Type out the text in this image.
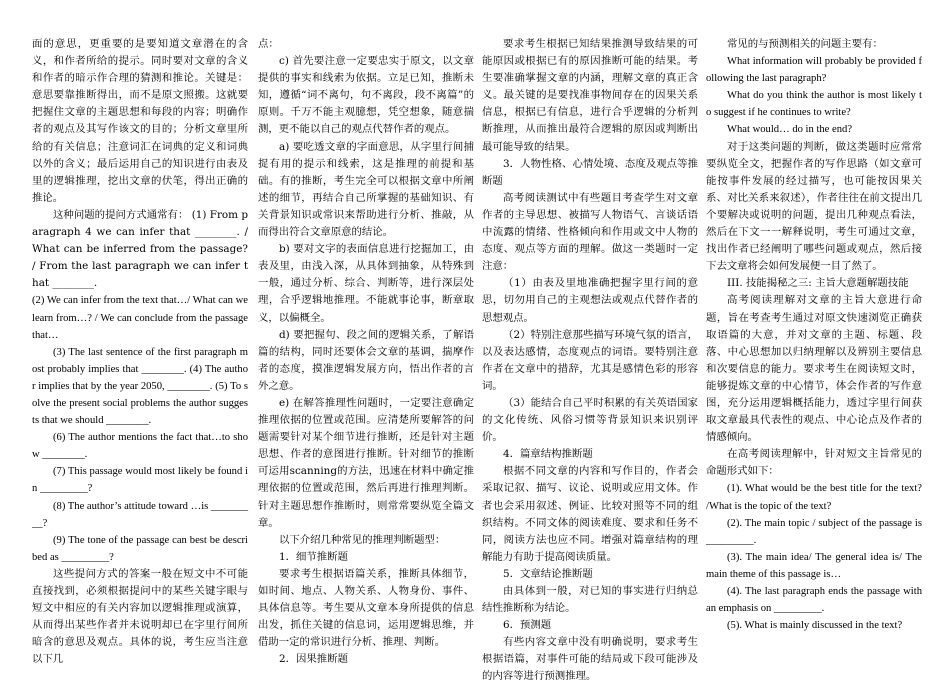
面的意思，更重要的是要知道文章潜在的含义，和作者所给的提示。同时要对文章的含义和作者的暗示作合理的猜测和推论。关键是：意思要靠推断得出，而不是原文照搬。这就要把握住文章的主题思想和每段的内容；明确作者的观点及其写作该文的目的；分析文章里所给的有关信息；注意词汇在词典的定义和词典以外的含义；最后运用自己的知识进行由表及里的逻辑推理，挖出文章的伏笔，得出正确的推论。

这种问题的提问方式通常有： (1) From paragraph 4 we can infer that ________. / What can be inferred from the passage? / From the last paragraph we can infer that ________.

(2) We can infer from the text that…/ What can we learn from…? / We can conclude from the passage that…

(3) The last sentence of the first paragraph most probably implies that ________. (4) The author implies that by the year 2050, ________. (5) To solve the present social problems the author suggests that we should ________.

(6) The author mentions the fact that…to show ________.

(7) This passage would most likely be found in _________?

(8) The author’s attitude toward …is _________?

(9) The tone of the passage can best be described as _________?

这些提问方式的答案一般在短文中不可能直接找到，必须根据提问中的某些关键字眼与短文中相应的有关内容加以逻辑推理或演算，从而得出某些作者并未说明却已在字里行间所暗含的意思及观点。具体的说，考生应当注意以下几

点：

c) 首先要注意一定要忠实于原文，以文章提供的事实和线索为依据。立足已知，推断未知，遵循“词不离句，句不离段，段不离篇”的原则。千万不能主观臆想，凭空想象，随意揣测，更不能以自己的观点代替作者的观点。

a) 要吃透文章的字面意思，从字里行间捕捉有用的提示和线索，这是推理的前提和基础。有的推断，考生完全可以根据文章中所阐述的细节，再结合自己所掌握的基础知识、有关背景知识或常识来帮助进行分析、推敲，从而得出符合文章原意的结论。

b) 要对文字的表面信息进行挖掘加工，由表及里，由浅入深，从具体到抽象，从特殊到一般，通过分析、综合、判断等，进行深层处理，合乎逻辑地推理。不能就事论事，断章取义，以偏概全。

d) 要把握句、段之间的逻辑关系，了解语篇的结构，同时还要体会文章的基调，揣摩作者的态度，摸准逻辑发展方向，悟出作者的言外之意。

e) 在解答推理性问题时，一定要注意确定推理依据的位置或范围。应清楚所要解答的问题需要针对某个细节进行推断，还是针对主题思想、作者的意图进行推断。针对细节的推断可运用scanning的方法，迅速在材料中确定推理依据的位置或范围，然后再进行推理判断。针对主题思想作推断时，则常常要纵览全篇文章。

以下介绍几种常见的推理判断题型：

1．细节推断题

要求考生根据语篇关系，推断具体细节，如时间、地点、人物关系、人物身份、事件、具体信息等。考生要从文章本身所提供的信息出发，抓住关键的信息词，运用逻辑思维，并借助一定的常识进行分析、推理、判断。

2．因果推断题

要求考生根据已知结果推测导致结果的可能原因或根据已有的原因推断可能的结果。考生要准确掌握文章的内涵，理解文章的真正含义。最关键的是要找准事物间存在的因果关系信息，根据已有信息，进行合乎逻辑的分析判断推理，从而推出最符合逻辑的原因或判断出最可能导致的结果。

3．人物性格、心情处境、态度及观点等推断题

高考阅读测试中有些题目考查学生对文章作者的主导思想、被描写人物语气、言谈话语中流露的情绪、性格倾向和作用或文中人物的态度、观点等方面的理解。做这一类题时一定注意：

（1）由表及里地准确把握字里行间的意思，切勿用自己的主观想法或观点代替作者的思想观点。

（2）特别注意那些描写环境气氛的语言，以及表达感情，态度观点的词语。要特别注意作者在文章中的措辞，尤其是感情色彩的形容词。

（3）能结合自己平时积累的有关英语国家的文化传统、风俗习惯等背景知识来识别评价。

4．篇章结构推断题

根据不同文章的内容和写作目的，作者会采取记叙、描写、议论、说明或应用文体。作者也会采用叙述、例证、比较对照等不同的组织结构。不同文体的阅读难度、要求和任务不同，阅读方法也应不同。增强对篇章结构的理解能力有助于提高阅读质量。

5．文章结论推断题

由具体到一般，对已知的事实进行归纳总结性推断称为结论。

6．预测题

有些内容文章中没有明确说明，要求考生根据语篇，对事件可能的结局或下段可能涉及的内容等进行预测推理。

常见的与预测相关的问题主要有：

What information will probably be provided following the last paragraph?

What do you think the author is most likely to suggest if he continues to write?

What would… do in the end?

对于这类问题的判断，做这类题时应常常要纵览全文，把握作者的写作思路（如文章可能按事件发展的经过描写，也可能按因果关系、对比关系来叙述），作者往往在前文提出几个要解决或说明的问题，提出几种观点看法，然后在下文一一解释说明，考生可通过文章，找出作者已经阐明了哪些问题或观点，然后接下去文章将会如何发展便一目了然了。

III. 技能揭秘之三: 主旨大意题解题技能

高考阅读理解对文章的主旨大意进行命题，旨在考查考生通过对原文快速浏览正确获取语篇的大意，并对文章的主题、标题、段落、中心思想加以归纳理解以及辨别主要信息和次要信息的能力。要求考生在阅读短文时，能够提炼文章的中心情节，体会作者的写作意图，充分运用逻辑概括能力，透过字里行间获取文章最具代表性的观点、中心论点及作者的情感倾向。

在高考阅读理解中，针对短文主旨常见的命题形式如下：

(1). What would be the best title for the text? /What is the topic of the text?

(2). The main topic / subject of the passage is _________.

(3). The main idea/ The general idea is/ The main theme of this passage is…

(4). The last paragraph ends the passage with an emphasis on _________.

(5). What is mainly discussed in the text?
